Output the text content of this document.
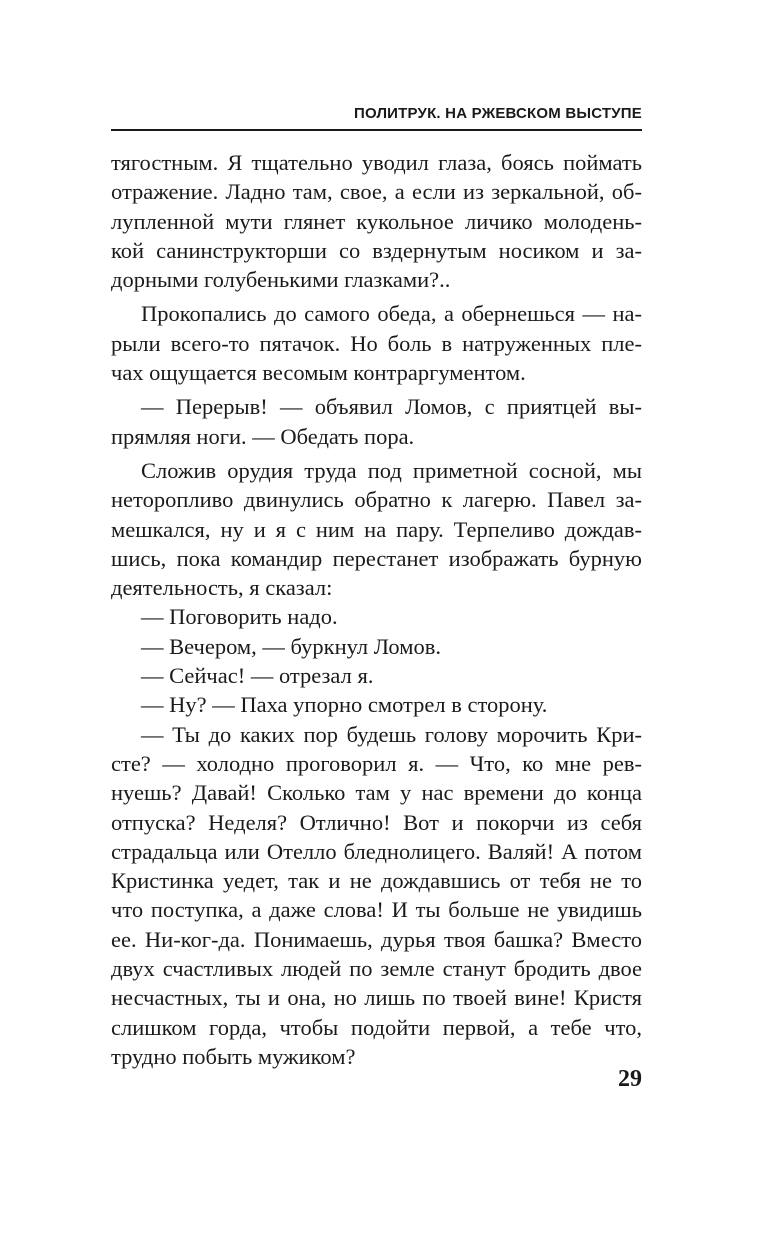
ПОЛИТРУК. НА РЖЕВСКОМ ВЫСТУПЕ
тягостным. Я тщательно уводил глаза, боясь поймать
отражение. Ладно там, свое, а если из зеркальной, об-
лупленной мути глянет кукольное личико молодень-
кой санинструкторши со вздернутым носиком и за-
дорными голубенькими глазками?..
Прокопались до самого обеда, а обернешься — на-
рыли всего-то пятачок. Но боль в натруженных пле-
чах ощущается весомым контраргументом.
— Перерыв! — объявил Ломов, с приятцей вы-
прямляя ноги. — Обедать пора.
Сложив орудия труда под приметной сосной, мы
неторопливо двинулись обратно к лагерю. Павел за-
мешкался, ну и я с ним на пару. Терпеливо дождав-
шись, пока командир перестанет изображать бурную
деятельность, я сказал:
— Поговорить надо.
— Вечером, — буркнул Ломов.
— Сейчас! — отрезал я.
— Ну? — Паха упорно смотрел в сторону.
— Ты до каких пор будешь голову морочить Кри-
сте? — холодно проговорил я. — Что, ко мне рев-
нуешь? Давай! Сколько там у нас времени до конца
отпуска? Неделя? Отлично! Вот и покорчи из себя
страдальца или Отелло бледнолицего. Валяй! А потом
Кристинка уедет, так и не дождавшись от тебя не то
что поступка, а даже слова! И ты больше не увидишь
ее. Ни-ког-да. Понимаешь, дурья твоя башка? Вместо
двух счастливых людей по земле станут бродить двое
несчастных, ты и она, но лишь по твоей вине! Кристя
слишком горда, чтобы подойти первой, а тебе что,
трудно побыть мужиком?
29
